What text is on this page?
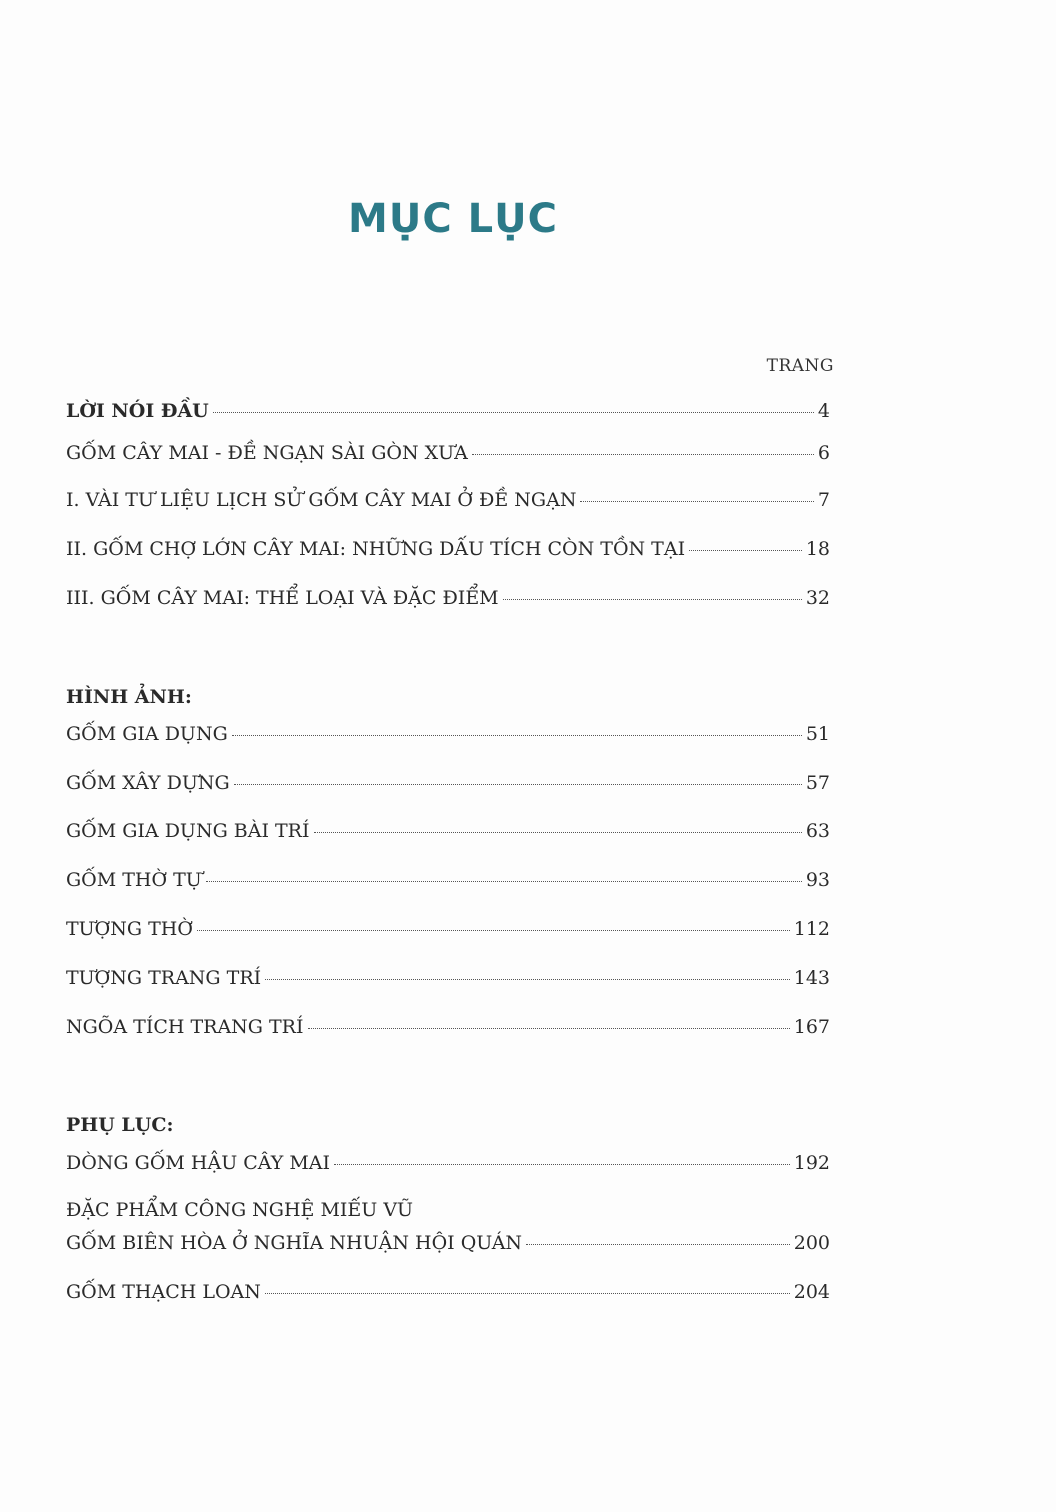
MỤC LỤC
TRANG
LỜI NÓI ĐẦU	4
GỐM CÂY MAI - ĐỀ NGẠN SÀI GÒN XƯA	6
I. VÀI TƯ LIỆU LỊCH SỬ GỐM CÂY MAI Ở ĐỀ NGẠN	7
II. GỐM CHỢ LỚN CÂY MAI: NHỮNG DẤU TÍCH CÒN TỒN TẠI	18
III. GỐM CÂY MAI: THỂ LOẠI VÀ ĐẶC ĐIỂM	32
HÌNH ẢNH:
GỐM GIA DỤNG	51
GỐM XÂY DỰNG	57
GỐM GIA DỤNG BÀI TRÍ	63
GỐM THỜ TỰ	93
TƯỢNG THỜ	112
TƯỢNG TRANG TRÍ	143
NGÕA TÍCH TRANG TRÍ	167
PHỤ LỤC:
DÒNG GỐM HẬU CÂY MAI	192
ĐẶC PHẨM CÔNG NGHỆ MIẾU VŨ
GỐM BIÊN HÒA Ở NGHĨA NHUẬN HỘI QUÁN	200
GỐM THẠCH LOAN	204
